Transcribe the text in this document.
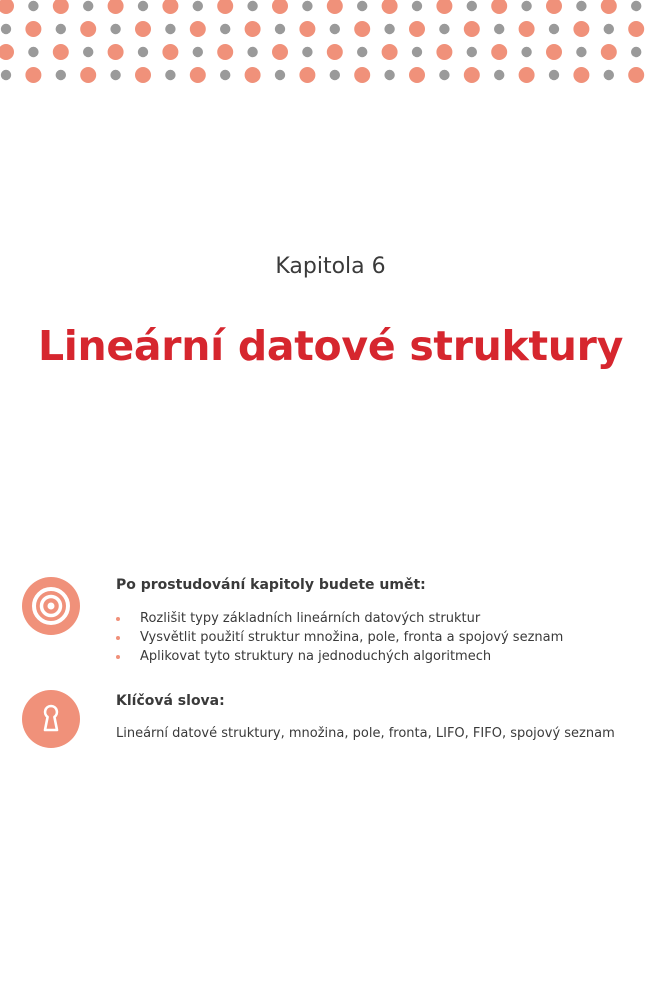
Kapitola 6
Lineární datové struktury
Po prostudování kapitoly budete umět:
Rozlišit typy základních lineárních datových struktur
Vysvětlit použití struktur množina, pole, fronta a spojový seznam
Aplikovat tyto struktury na jednoduchých algoritmech
Klíčová slova:
Lineární datové struktury, množina, pole, fronta, LIFO, FIFO, spojový seznam
